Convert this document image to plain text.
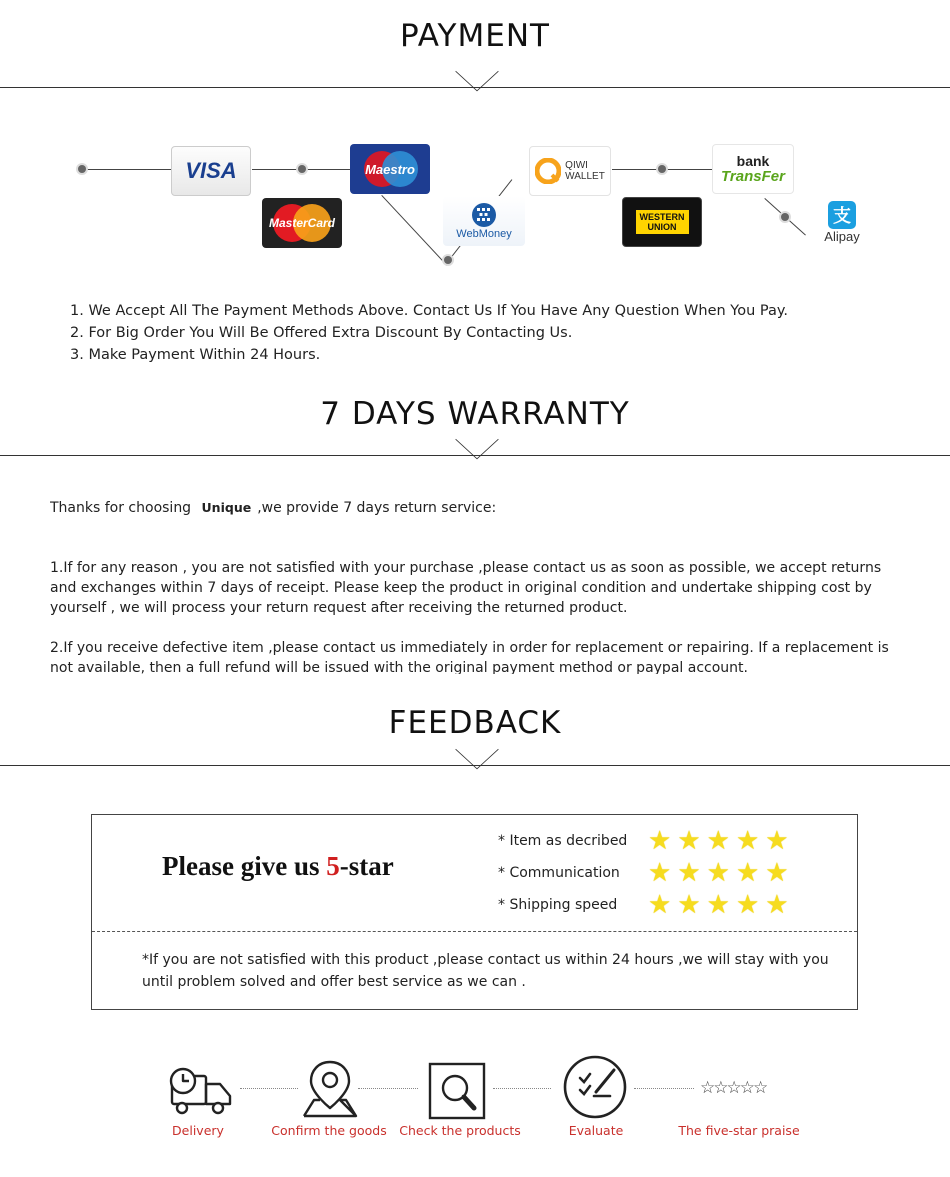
PAYMENT
VISA	Maestro
MasterCard
WebMoney
QIWI
WALLET
WESTERN
UNION
bank
TransFer
支
Alipay
1. We Accept All The Payment Methods Above. Contact Us If You Have Any Question When You Pay.
2. For Big Order You Will Be Offered Extra Discount By Contacting Us.
3. Make Payment Within 24 Hours.
7 DAYS WARRANTY

Thanks for choosing Unique ,we provide 7 days return service:

1.If for any reason , you are not satisfied with your purchase ,please contact us as soon as possible, we accept returns and exchanges within 7 days of receipt. Please keep the product in original condition and undertake shipping cost by yourself , we will process your return request after receiving the returned product.

2.If you receive defective item ,please contact us immediately in order for replacement or repairing. If a replacement is not available, then a full refund will be issued with the original payment method or paypal account.

FEEDBACK
Please give us 5-star
* Item as decribed ★ ★ ★ ★ ★
* Communication	★ ★ ★ ★ ★
* Shipping speed	★ ★ ★ ★ ★
*If you are not satisfied with this product ,please contact us within 24 hours ,we will stay with you until problem solved and offer best service as we can .
Delivery	Confirm the goods	Check the products	Evaluate
☆☆☆☆☆
The five-star praise
